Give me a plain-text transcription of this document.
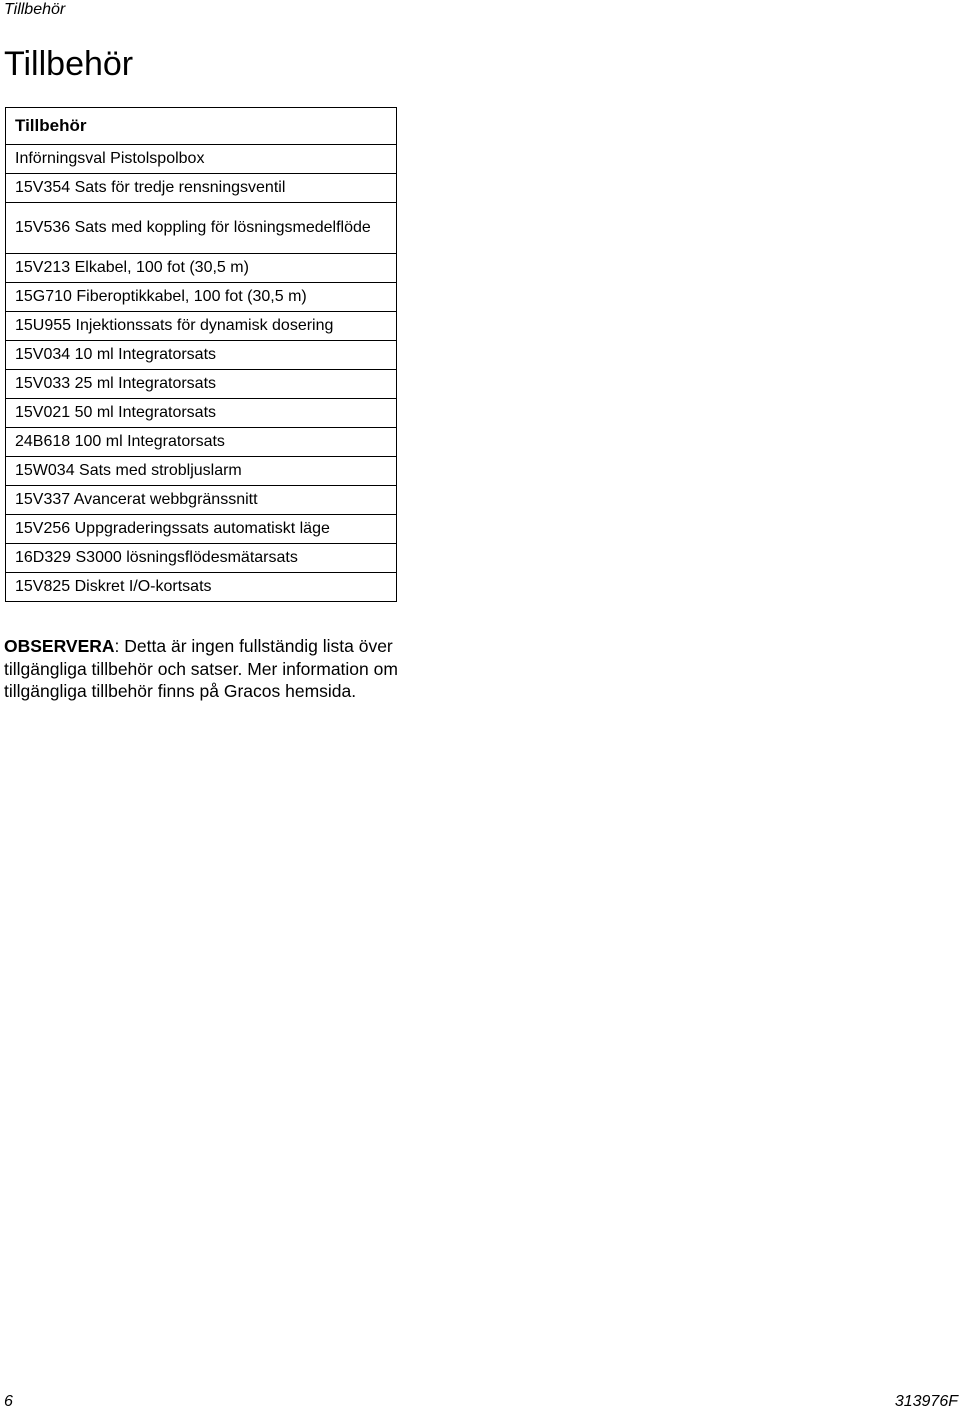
Tillbehör
Tillbehör
Tillbehör
Införningsval Pistolspolbox
15V354 Sats för tredje rensningsventil
15V536 Sats med koppling för lösningsmedelflöde
15V213 Elkabel, 100 fot (30,5 m)
15G710 Fiberoptikkabel, 100 fot (30,5 m)
15U955 Injektionssats för dynamisk dosering
15V034 10 ml Integratorsats
15V033 25 ml Integratorsats
15V021 50 ml Integratorsats
24B618 100 ml Integratorsats
15W034 Sats med strobljuslarm
15V337 Avancerat webbgränssnitt
15V256 Uppgraderingssats automatiskt läge
16D329 S3000 lösningsflödesmätarsats
15V825 Diskret I/O-kortsats

OBSERVERA: Detta är ingen fullständig lista över tillgängliga tillbehör och satser. Mer information om tillgängliga tillbehör finns på Gracos hemsida.

6	313976F
